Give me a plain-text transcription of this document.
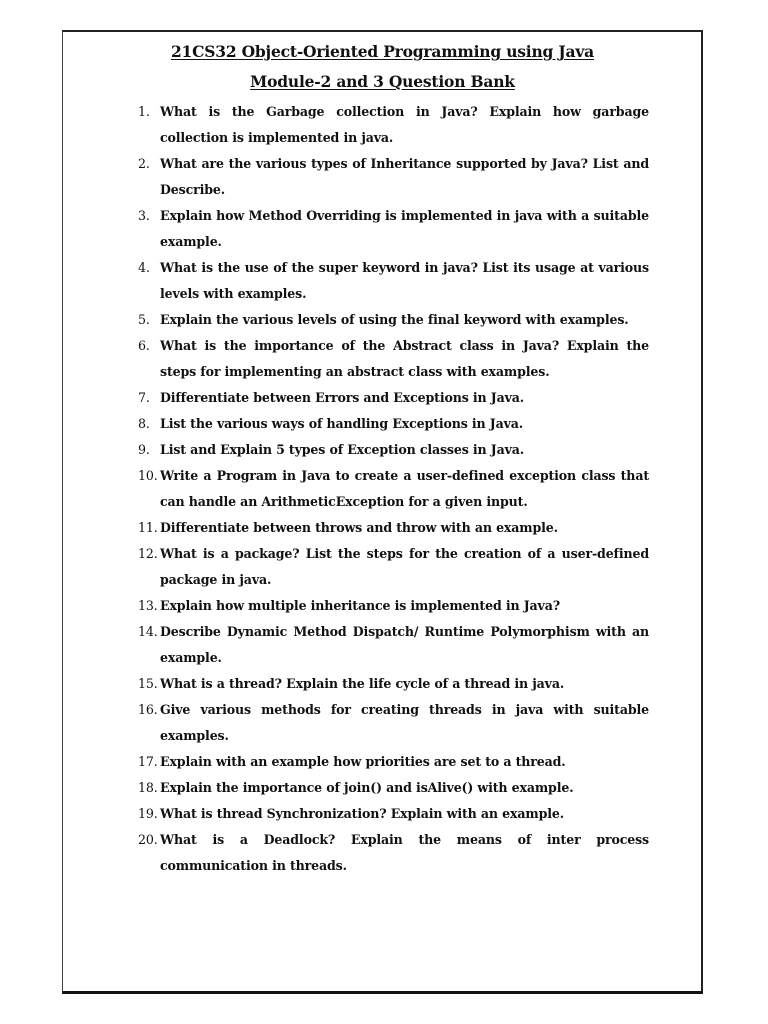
21CS32 Object-Oriented Programming using Java
Module-2 and 3 Question Bank
1. What is the Garbage collection in Java? Explain how garbage collection is implemented in java.
2. What are the various types of Inheritance supported by Java? List and Describe.
3. Explain how Method Overriding is implemented in java with a suitable example.
4. What is the use of the super keyword in java? List its usage at various levels with examples.
5. Explain the various levels of using the final keyword with examples.
6. What is the importance of the Abstract class in Java? Explain the steps for implementing an abstract class with examples.
7. Differentiate between Errors and Exceptions in Java.
8. List the various ways of handling Exceptions in Java.
9. List and Explain 5 types of Exception classes in Java.
10. Write a Program in Java to create a user-defined exception class that can handle an ArithmeticException for a given input.
11. Differentiate between throws and throw with an example.
12. What is a package? List the steps for the creation of a user-defined package in java.
13. Explain how multiple inheritance is implemented in Java?
14. Describe Dynamic Method Dispatch/ Runtime Polymorphism with an example.
15. What is a thread? Explain the life cycle of a thread in java.
16. Give various methods for creating threads in java with suitable examples.
17. Explain with an example how priorities are set to a thread.
18. Explain the importance of join() and isAlive() with example.
19. What is thread Synchronization? Explain with an example.
20. What is a Deadlock? Explain the means of inter process communication in threads.
